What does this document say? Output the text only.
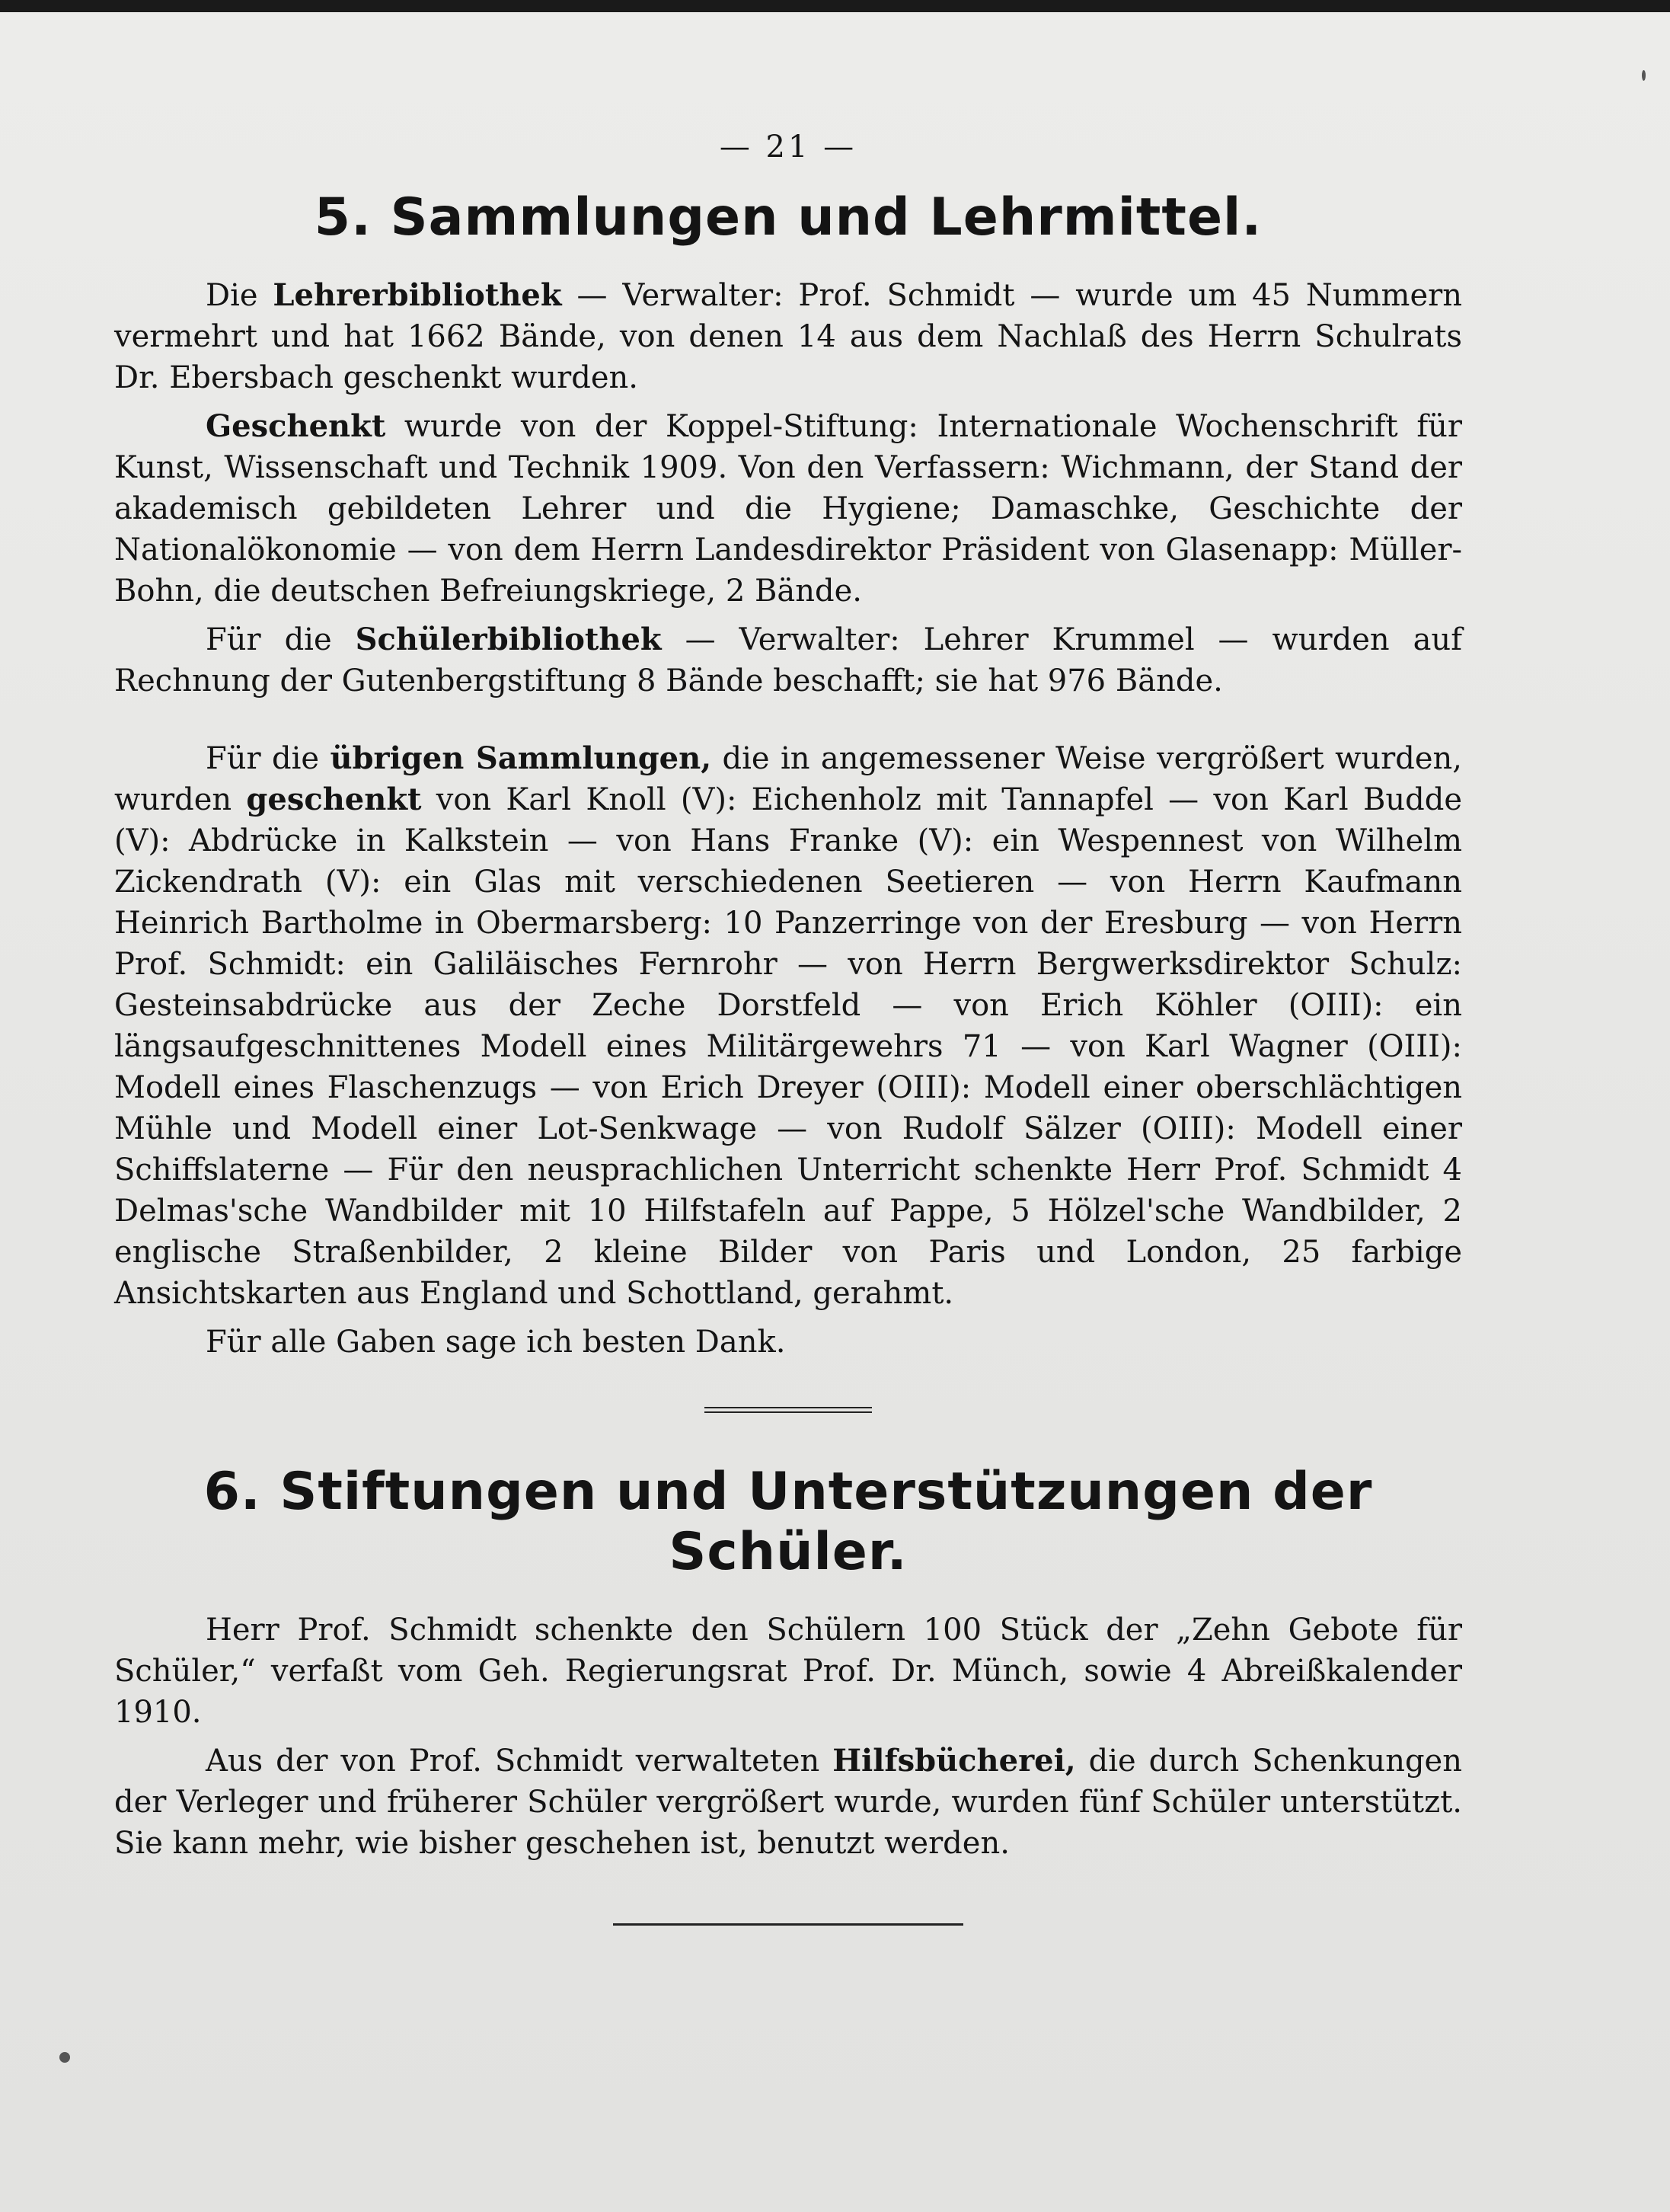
— 21 —
5. Sammlungen und Lehrmittel.

Die Lehrerbibliothek — Verwalter: Prof. Schmidt — wurde um 45 Nummern vermehrt und hat 1662 Bände, von denen 14 aus dem Nachlaß des Herrn Schulrats Dr. Ebersbach geschenkt wurden.

Geschenkt wurde von der Koppel-Stiftung: Internationale Wochenschrift für Kunst, Wissenschaft und Technik 1909. Von den Verfassern: Wichmann, der Stand der akademisch gebildeten Lehrer und die Hygiene; Damaschke, Geschichte der Nationalökonomie — von dem Herrn Landesdirektor Präsident von Glasenapp: Müller-Bohn, die deutschen Befreiungskriege, 2 Bände.

Für die Schülerbibliothek — Verwalter: Lehrer Krummel — wurden auf Rechnung der Gutenbergstiftung 8 Bände beschafft; sie hat 976 Bände.

Für die übrigen Sammlungen, die in angemessener Weise vergrößert wurden, wurden geschenkt von Karl Knoll (V): Eichenholz mit Tannapfel — von Karl Budde (V): Abdrücke in Kalkstein — von Hans Franke (V): ein Wespennest von Wilhelm Zickendrath (V): ein Glas mit verschiedenen Seetieren — von Herrn Kaufmann Heinrich Bartholme in Obermarsberg: 10 Panzerringe von der Eresburg — von Herrn Prof. Schmidt: ein Galiläisches Fernrohr — von Herrn Bergwerksdirektor Schulz: Gesteinsabdrücke aus der Zeche Dorstfeld — von Erich Köhler (OIII): ein längsaufgeschnittenes Modell eines Militärgewehrs 71 — von Karl Wagner (OIII): Modell eines Flaschenzugs — von Erich Dreyer (OIII): Modell einer oberschlächtigen Mühle und Modell einer Lot-Senkwage — von Rudolf Sälzer (OIII): Modell einer Schiffslaterne — Für den neusprachlichen Unterricht schenkte Herr Prof. Schmidt 4 Delmas'sche Wandbilder mit 10 Hilfstafeln auf Pappe, 5 Hölzel'sche Wandbilder, 2 englische Straßenbilder, 2 kleine Bilder von Paris und London, 25 farbige Ansichtskarten aus England und Schottland, gerahmt.

Für alle Gaben sage ich besten Dank.

6. Stiftungen und Unterstützungen der Schüler.

Herr Prof. Schmidt schenkte den Schülern 100 Stück der „Zehn Gebote für Schüler,“ verfaßt vom Geh. Regierungsrat Prof. Dr. Münch, sowie 4 Abreißkalender 1910.

Aus der von Prof. Schmidt verwalteten Hilfsbücherei, die durch Schenkungen der Verleger und früherer Schüler vergrößert wurde, wurden fünf Schüler unterstützt. Sie kann mehr, wie bisher geschehen ist, benutzt werden.
